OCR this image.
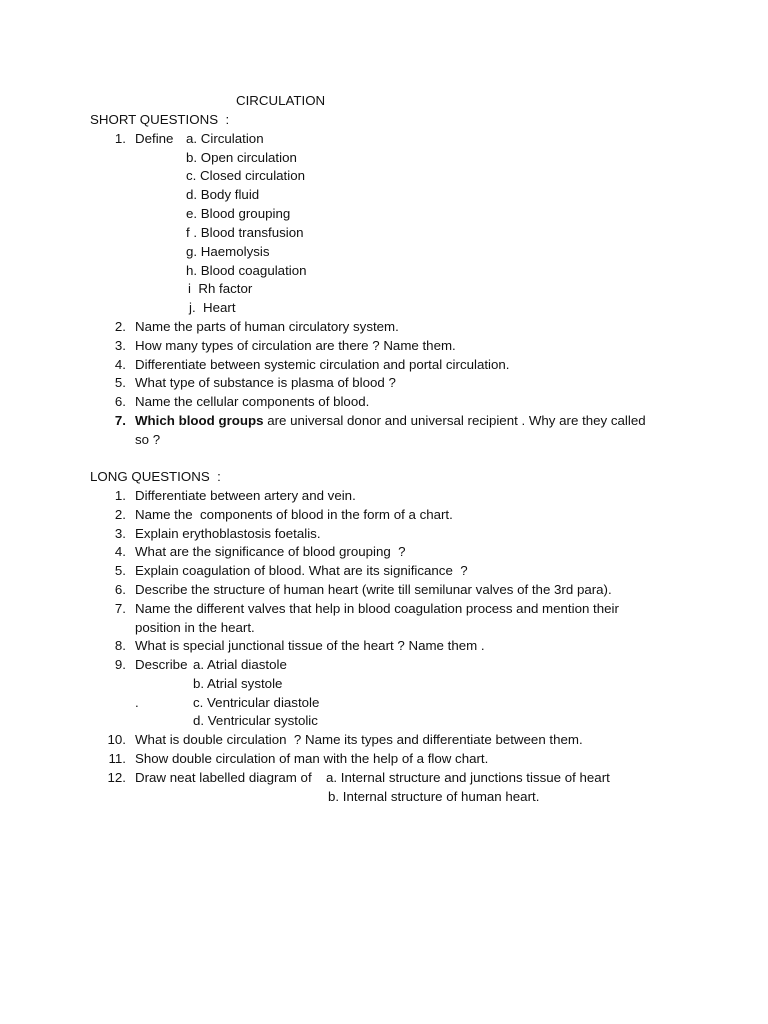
CIRCULATION
SHORT QUESTIONS  :
1. Define a. Circulation
b. Open circulation
c. Closed circulation
d. Body fluid
e. Blood grouping
f . Blood transfusion
g. Haemolysis
h. Blood coagulation
i  Rh factor
j.  Heart
2. Name the parts of human circulatory system.
3. How many types of circulation are there ? Name them.
4. Differentiate between systemic circulation and portal circulation.
5. What type of substance is plasma of blood ?
6. Name the cellular components of blood.
7. Which blood groups are universal donor and universal recipient . Why are they called
so ?
LONG QUESTIONS  :
1. Differentiate between artery and vein.
2. Name the  components of blood in the form of a chart.
3. Explain erythoblastosis foetalis.
4. What are the significance of blood grouping  ?
5. Explain coagulation of blood. What are its significance  ?
6. Describe the structure of human heart (write till semilunar valves of the 3rd para).
7. Name the different valves that help in blood coagulation process and mention their
position in the heart.
8. What is special junctional tissue of the heart ? Name them .
9. Describe a. Atrial diastole
b. Atrial systole
.	c. Ventricular diastole
d. Ventricular systolic
10. What is double circulation  ? Name its types and differentiate between them.
11. Show double circulation of man with the help of a flow chart.
12. Draw neat labelled diagram of a. Internal structure and junctions tissue of heart
b. Internal structure of human heart.
